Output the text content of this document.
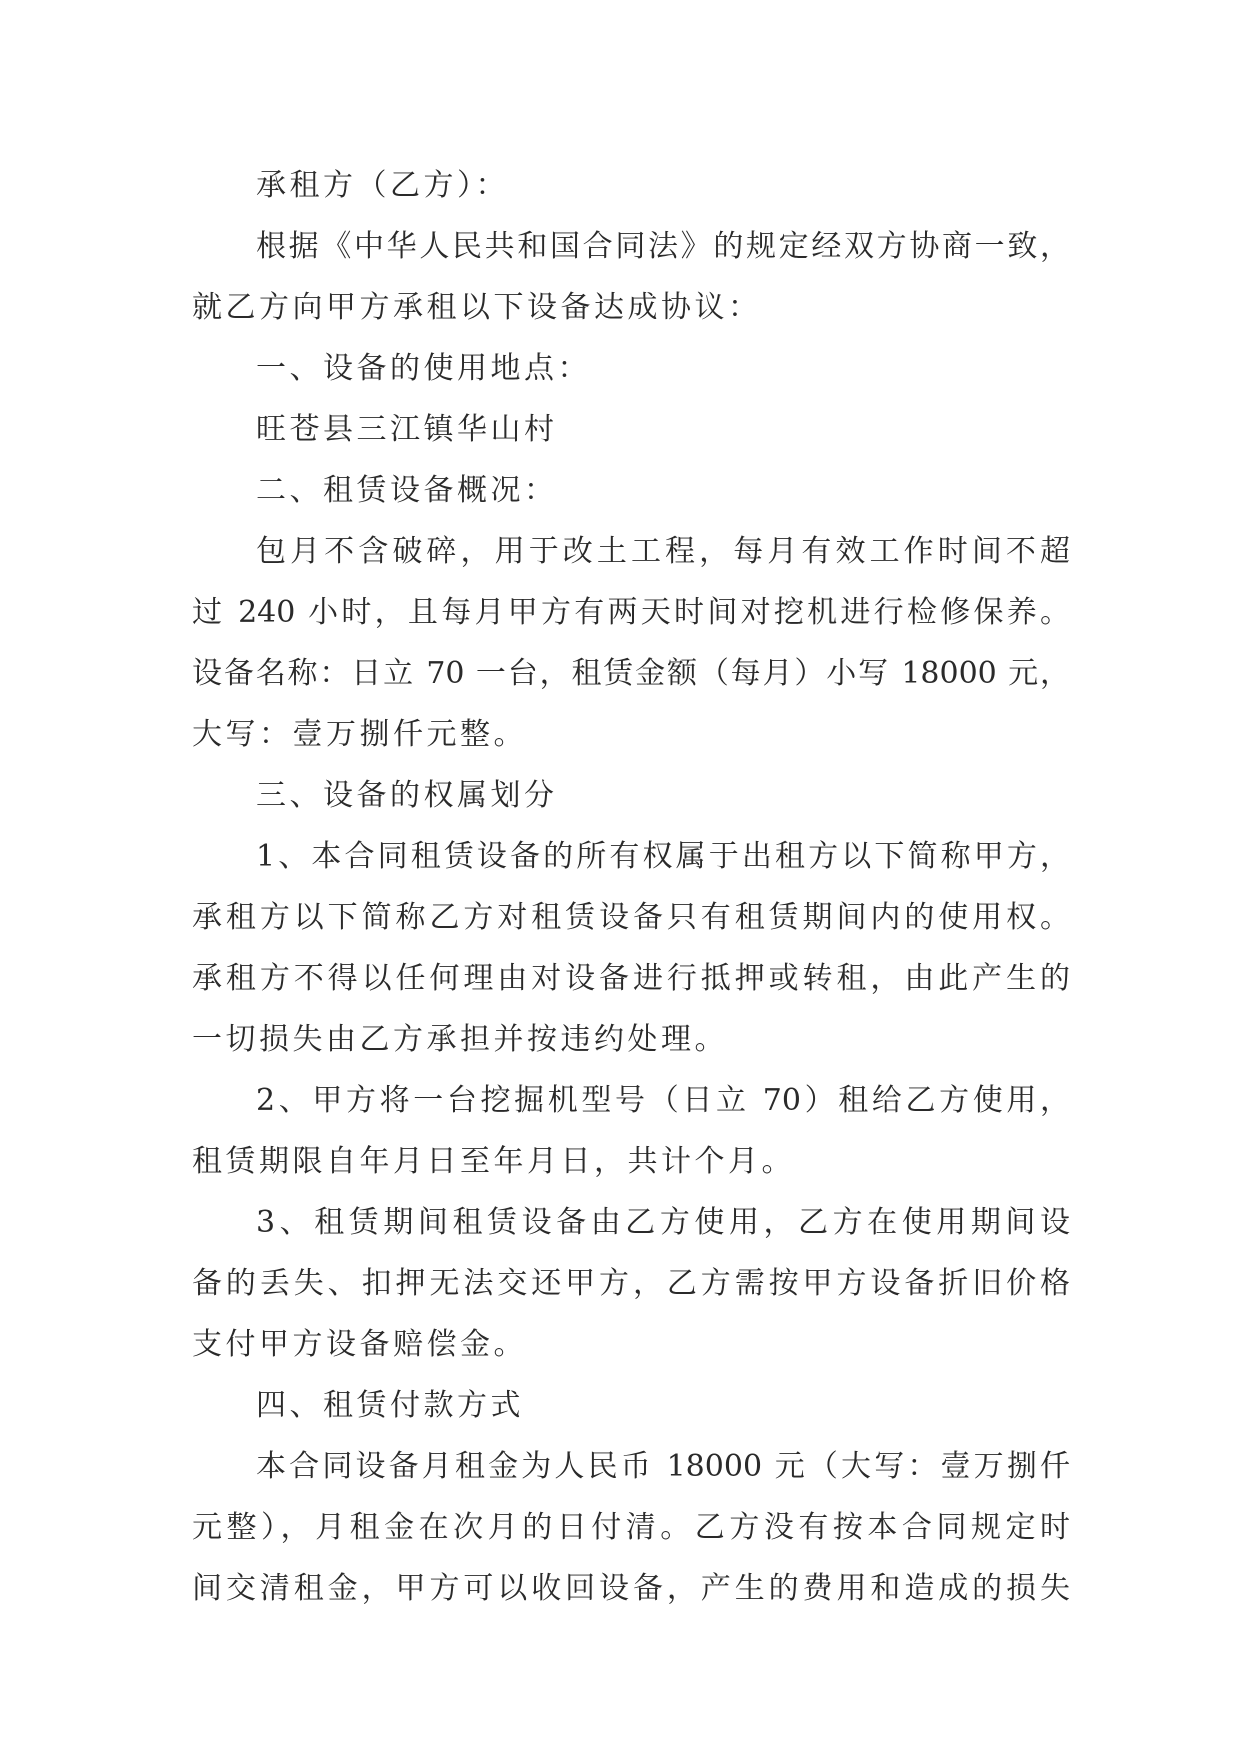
承租方（乙方）：
根据《中华人民共和国合同法》的规定经双方协商一致，
就乙方向甲方承租以下设备达成协议：
一、设备的使用地点：
旺苍县三江镇华山村
二、租赁设备概况：
包月不含破碎，用于改土工程，每月有效工作时间不超
过 240 小时，且每月甲方有两天时间对挖机进行检修保养。
设备名称：日立 70 一台，租赁金额（每月）小写 18000 元，
大写：壹万捌仟元整。
三、设备的权属划分
1、本合同租赁设备的所有权属于出租方以下简称甲方，
承租方以下简称乙方对租赁设备只有租赁期间内的使用权。
承租方不得以任何理由对设备进行抵押或转租，由此产生的
一切损失由乙方承担并按违约处理。
2、甲方将一台挖掘机型号（日立 70）租给乙方使用，
租赁期限自年月日至年月日，共计个月。
3、租赁期间租赁设备由乙方使用，乙方在使用期间设
备的丢失、扣押无法交还甲方，乙方需按甲方设备折旧价格
支付甲方设备赔偿金。
四、租赁付款方式
本合同设备月租金为人民币 18000 元（大写：壹万捌仟
元整），月租金在次月的日付清。乙方没有按本合同规定时
间交清租金，甲方可以收回设备，产生的费用和造成的损失
